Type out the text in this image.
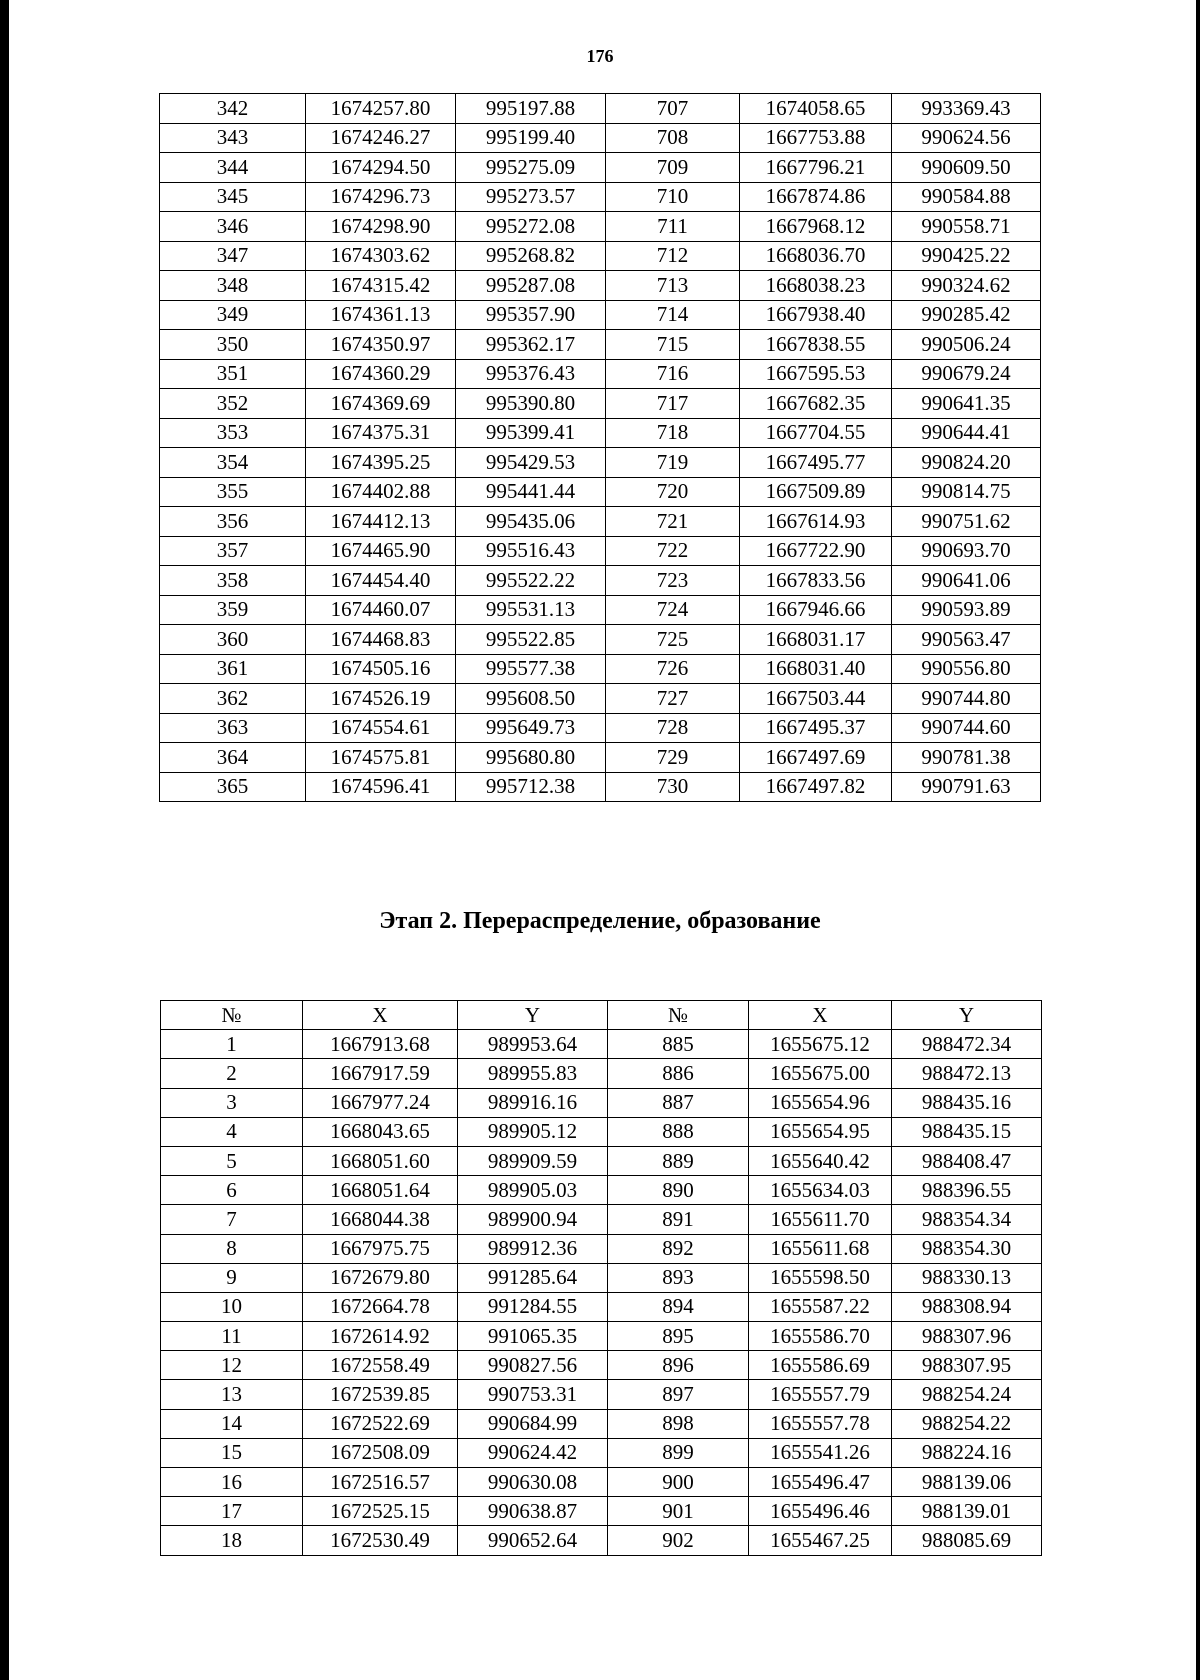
176
342	1674257.80	995197.88	707	1674058.65	993369.43
343	1674246.27	995199.40	708	1667753.88	990624.56
344	1674294.50	995275.09	709	1667796.21	990609.50
345	1674296.73	995273.57	710	1667874.86	990584.88
346	1674298.90	995272.08	711	1667968.12	990558.71
347	1674303.62	995268.82	712	1668036.70	990425.22
348	1674315.42	995287.08	713	1668038.23	990324.62
349	1674361.13	995357.90	714	1667938.40	990285.42
350	1674350.97	995362.17	715	1667838.55	990506.24
351	1674360.29	995376.43	716	1667595.53	990679.24
352	1674369.69	995390.80	717	1667682.35	990641.35
353	1674375.31	995399.41	718	1667704.55	990644.41
354	1674395.25	995429.53	719	1667495.77	990824.20
355	1674402.88	995441.44	720	1667509.89	990814.75
356	1674412.13	995435.06	721	1667614.93	990751.62
357	1674465.90	995516.43	722	1667722.90	990693.70
358	1674454.40	995522.22	723	1667833.56	990641.06
359	1674460.07	995531.13	724	1667946.66	990593.89
360	1674468.83	995522.85	725	1668031.17	990563.47
361	1674505.16	995577.38	726	1668031.40	990556.80
362	1674526.19	995608.50	727	1667503.44	990744.80
363	1674554.61	995649.73	728	1667495.37	990744.60
364	1674575.81	995680.80	729	1667497.69	990781.38
365	1674596.41	995712.38	730	1667497.82	990791.63
Этап 2. Перераспределение, образование
№	X	Y	№	X	Y
1	1667913.68	989953.64	885	1655675.12	988472.34
2	1667917.59	989955.83	886	1655675.00	988472.13
3	1667977.24	989916.16	887	1655654.96	988435.16
4	1668043.65	989905.12	888	1655654.95	988435.15
5	1668051.60	989909.59	889	1655640.42	988408.47
6	1668051.64	989905.03	890	1655634.03	988396.55
7	1668044.38	989900.94	891	1655611.70	988354.34
8	1667975.75	989912.36	892	1655611.68	988354.30
9	1672679.80	991285.64	893	1655598.50	988330.13
10	1672664.78	991284.55	894	1655587.22	988308.94
11	1672614.92	991065.35	895	1655586.70	988307.96
12	1672558.49	990827.56	896	1655586.69	988307.95
13	1672539.85	990753.31	897	1655557.79	988254.24
14	1672522.69	990684.99	898	1655557.78	988254.22
15	1672508.09	990624.42	899	1655541.26	988224.16
16	1672516.57	990630.08	900	1655496.47	988139.06
17	1672525.15	990638.87	901	1655496.46	988139.01
18	1672530.49	990652.64	902	1655467.25	988085.69
